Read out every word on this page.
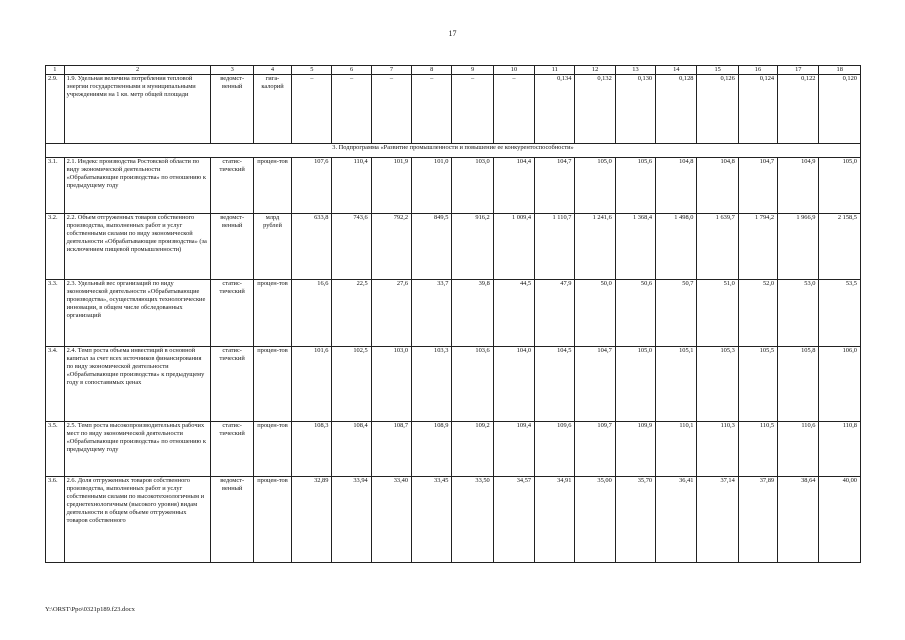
17
1	2	3	4	5	6	7	8	9	10	11	12	13	14	15	16	17	18
2.9.	1.9. Удельная величина потребления тепловой энергии государственными и муниципальными учреждениями на 1 кв. метр общей площади	ведомст-венный	гига-калорий	–	–	–	–	–	–	0,134	0,132	0,130	0,128	0,126	0,124	0,122	0,120
3. Подпрограмма «Развитие промышленности и повышение ее конкурентоспособности»																	
3.1.	2.1. Индекс производства Ростовской области по виду экономической деятельности «Обрабатывающие производства» по отношению к предыдущему году	статис-тический	процен-тов	107,6	110,4	101,9	101,0	103,0	104,4	104,7	105,0	105,6	104,8	104,8	104,7	104,9	105,0
3.2.	2.2. Объем отгруженных товаров собственного производства, выполненных работ и услуг собственными силами по виду экономической деятельности «Обрабатывающие производства» (за исключением пищевой промышленности)	ведомст-венный	млрд рублей	633,8	743,6	792,2	849,5	916,2	1 009,4	1 110,7	1 241,6	1 368,4	1 498,0	1 639,7	1 794,2	1 966,9	2 158,5
3.3.	2.3. Удельный вес организаций по виду экономической деятельности «Обрабатывающие производства», осуществляющих технологические инновации, в общем числе обследованных организаций	статис-тический	процен-тов	16,6	22,5	27,6	33,7	39,8	44,5	47,9	50,0	50,6	50,7	51,0	52,0	53,0	53,5
3.4.	2.4. Темп роста объема инвестиций в основной капитал за счет всех источников финансирования по виду экономической деятельности «Обрабатывающие производства» к предыдущему году в сопоставимых ценах	статис-тический	процен-тов	101,6	102,5	103,0	103,3	103,6	104,0	104,5	104,7	105,0	105,1	105,3	105,5	105,8	106,0
3.5.	2.5. Темп роста высокопроизводительных рабочих мест по виду экономической деятельности «Обрабатывающие производства» по отношению к предыдущему году	статис-тический	процен-тов	108,3	108,4	108,7	108,9	109,2	109,4	109,6	109,7	109,9	110,1	110,3	110,5	110,6	110,8
3.6.	2.6. Доля отгруженных товаров собственного производства, выполненных работ и услуг собственными силами по высокотехнологичным и среднетехнологичным (высокого уровня) видам деятельности в общем объеме отгруженных товаров собственного	ведомст-венный	процен-тов	32,89	33,94	33,40	33,45	33,50	34,57	34,91	35,00	35,70	36,41	37,14	37,89	38,64	40,00
Y:\ORST\Ppo\0321p189.f23.docx
